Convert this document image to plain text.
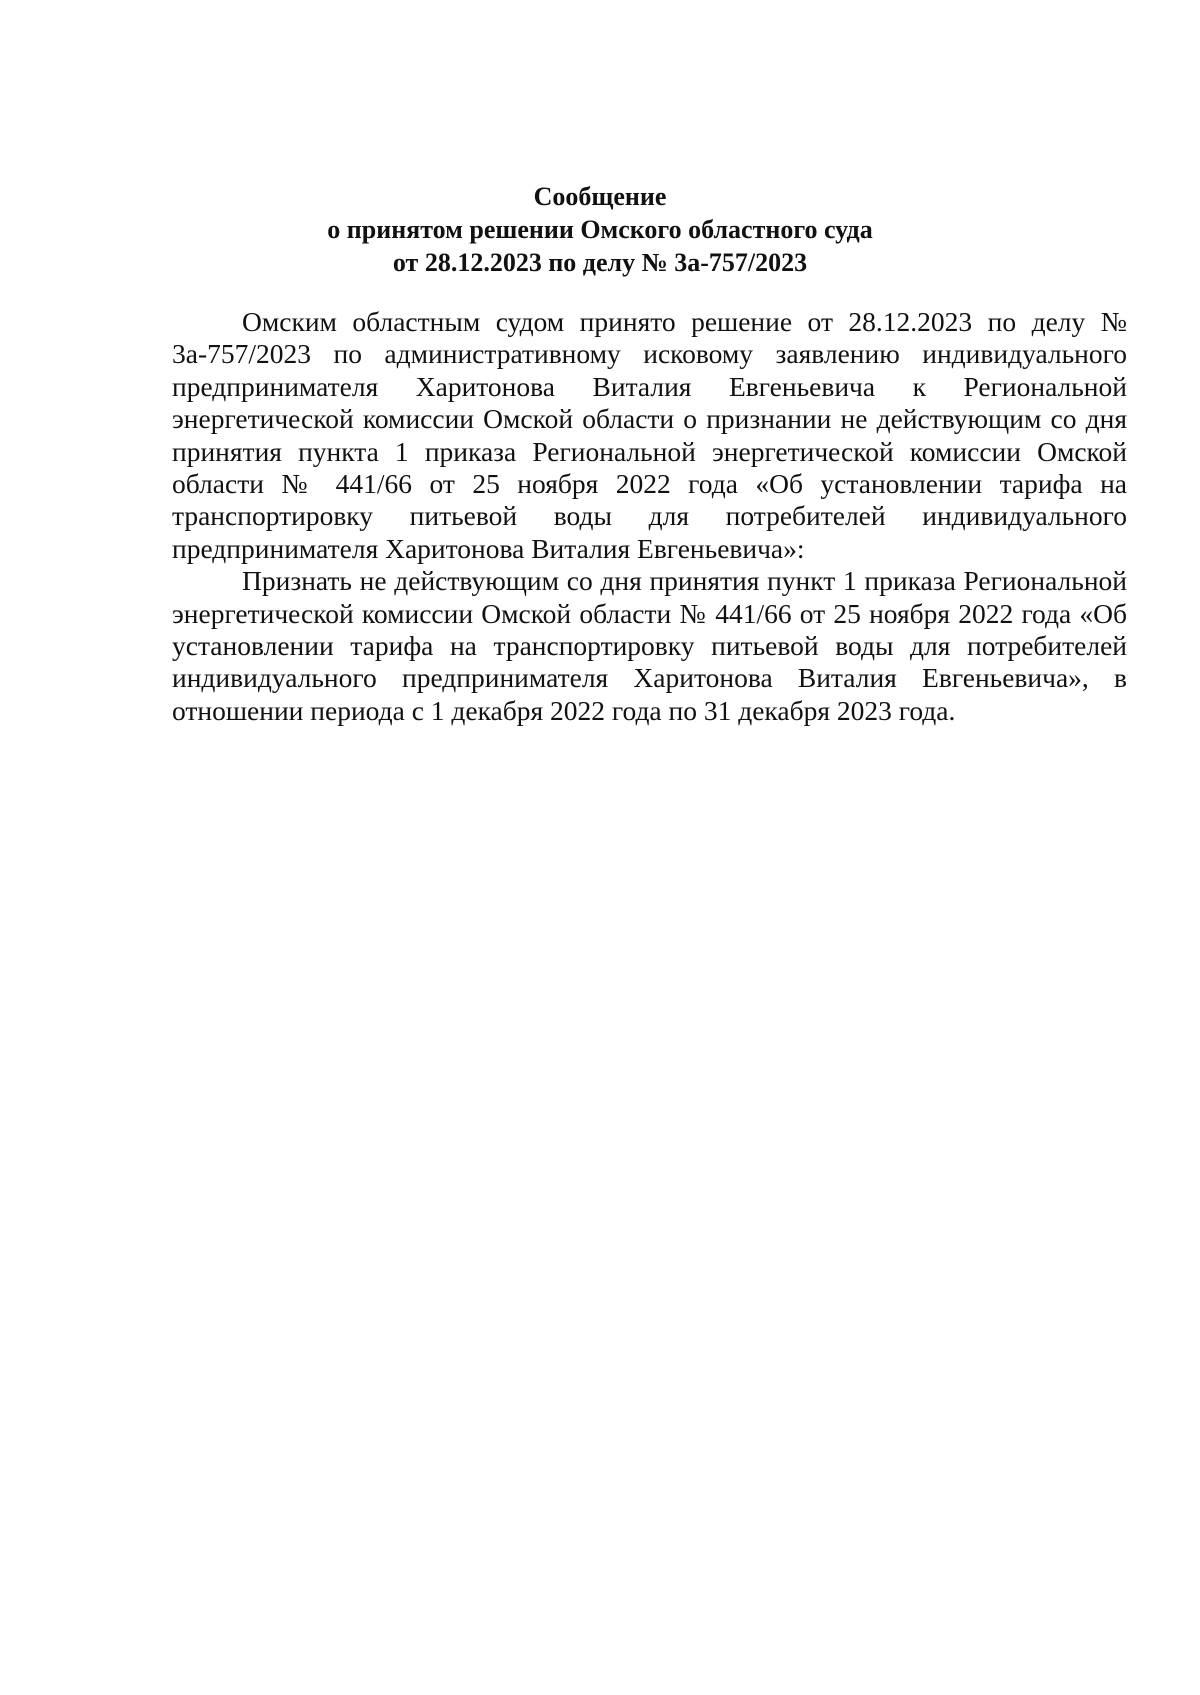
Сообщение
о принятом решении Омского областного суда
от 28.12.2023 по делу № 3а-757/2023

Омским областным судом принято решение от 28.12.2023 по делу № 3а-757/2023 по административному исковому заявлению индивидуального предпринимателя Харитонова Виталия Евгеньевича к Региональной энергетической комиссии Омской области о признании не действующим со дня принятия пункта 1 приказа Региональной энергетической комиссии Омской области № 441/66 от 25 ноября 2022 года «Об установлении тарифа на транспортировку питьевой воды для потребителей индивидуального предпринимателя Харитонова Виталия Евгеньевича»:

Признать не действующим со дня принятия пункт 1 приказа Региональной энергетической комиссии Омской области № 441/66 от 25 ноября 2022 года «Об установлении тарифа на транспортировку питьевой воды для потребителей индивидуального предпринимателя Харитонова Виталия Евгеньевича», в отношении периода с 1 декабря 2022 года по 31 декабря 2023 года.
